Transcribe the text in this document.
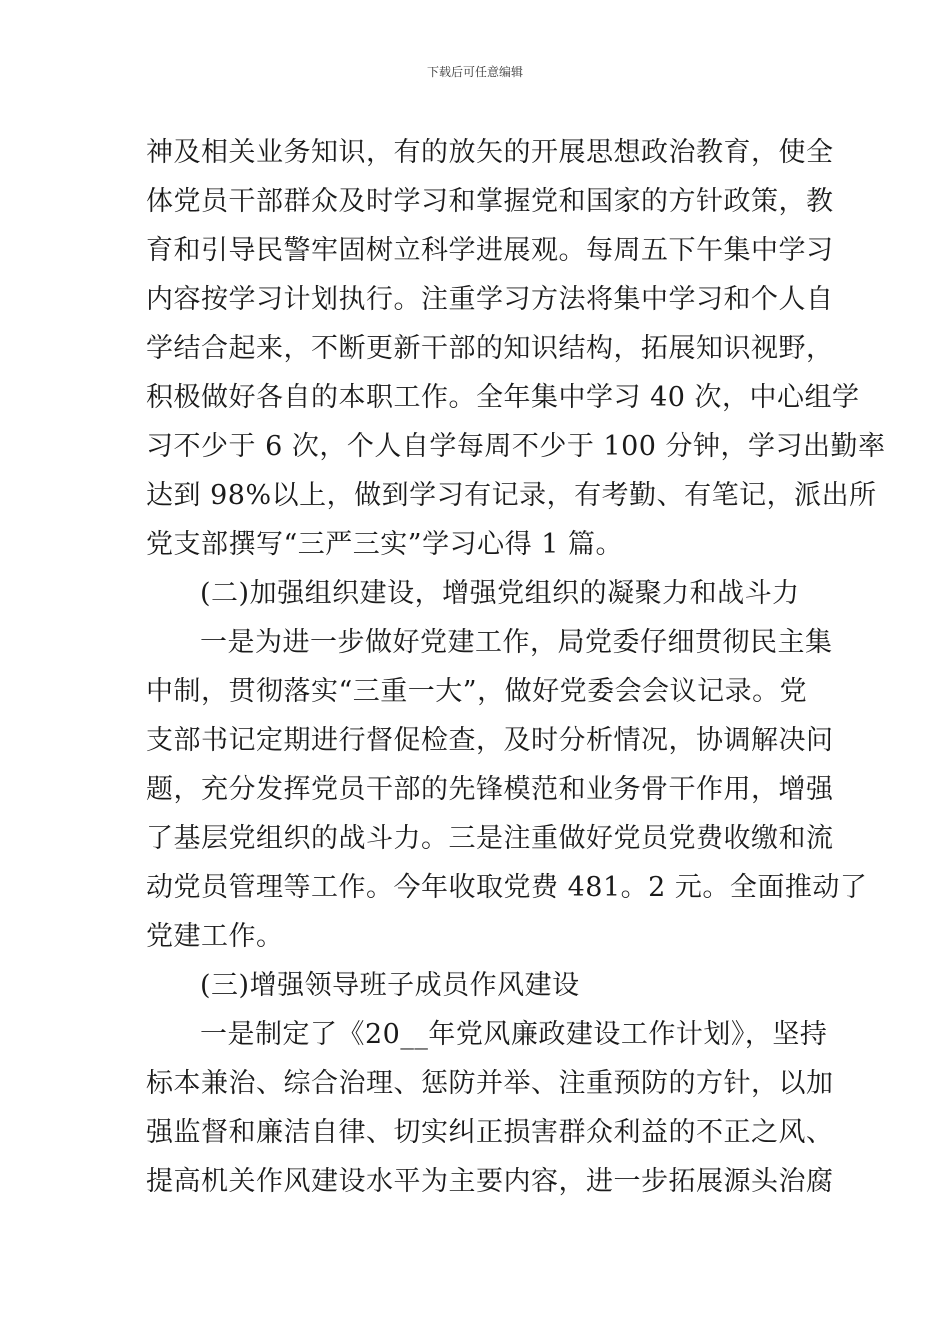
下载后可任意编辑
神及相关业务知识，有的放矢的开展思想政治教育，使全
体党员干部群众及时学习和掌握党和国家的方针政策，教
育和引导民警牢固树立科学进展观。每周五下午集中学习
内容按学习计划执行。注重学习方法将集中学习和个人自
学结合起来，不断更新干部的知识结构，拓展知识视野，
积极做好各自的本职工作。全年集中学习 40 次，中心组学
习不少于 6 次，个人自学每周不少于 100 分钟，学习出勤率
达到 98%以上，做到学习有记录，有考勤、有笔记，派出所
党支部撰写“三严三实”学习心得 1 篇。
(二)加强组织建设，增强党组织的凝聚力和战斗力
一是为进一步做好党建工作，局党委仔细贯彻民主集
中制，贯彻落实“三重一大”，做好党委会会议记录。党
支部书记定期进行督促检查，及时分析情况，协调解决问
题，充分发挥党员干部的先锋模范和业务骨干作用，增强
了基层党组织的战斗力。三是注重做好党员党费收缴和流
动党员管理等工作。今年收取党费 481。2 元。全面推动了
党建工作。
(三)增强领导班子成员作风建设
一是制定了《20__年党风廉政建设工作计划》，坚持
标本兼治、综合治理、惩防并举、注重预防的方针，以加
强监督和廉洁自律、切实纠正损害群众利益的不正之风、
提高机关作风建设水平为主要内容，进一步拓展源头治腐
